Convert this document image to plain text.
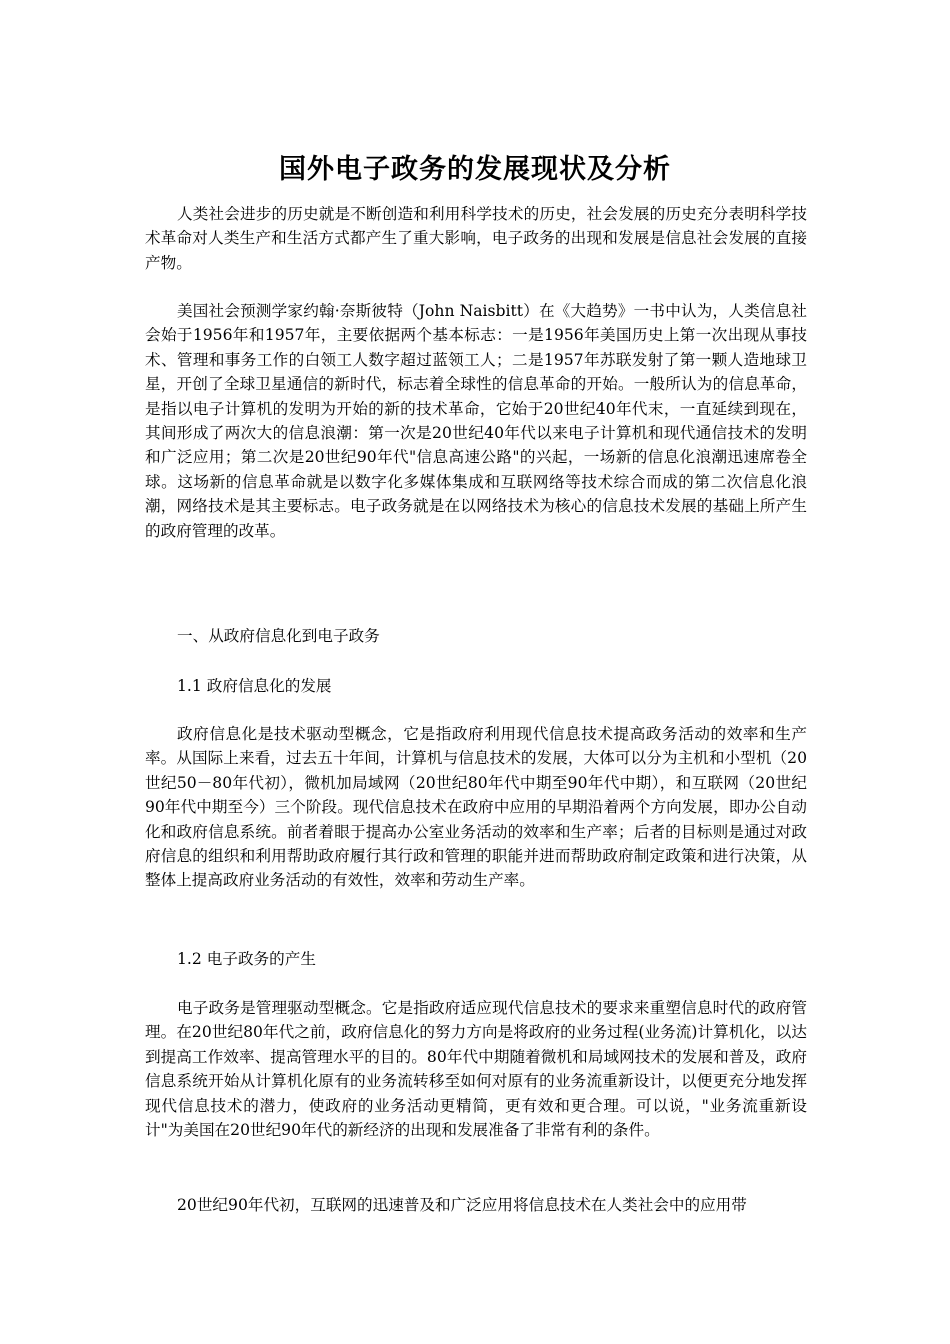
国外电子政务的发展现状及分析

人类社会进步的历史就是不断创造和利用科学技术的历史，社会发展的历史充分表明科学技术革命对人类生产和生活方式都产生了重大影响，电子政务的出现和发展是信息社会发展的直接产物。

美国社会预测学家约翰·奈斯彼特（John Naisbitt）在《大趋势》一书中认为，人类信息社会始于1956年和1957年，主要依据两个基本标志：一是1956年美国历史上第一次出现从事技术、管理和事务工作的白领工人数字超过蓝领工人；二是1957年苏联发射了第一颗人造地球卫星，开创了全球卫星通信的新时代，标志着全球性的信息革命的开始。一般所认为的信息革命，是指以电子计算机的发明为开始的新的技术革命，它始于20世纪40年代末，一直延续到现在，其间形成了两次大的信息浪潮：第一次是20世纪40年代以来电子计算机和现代通信技术的发明和广泛应用；第二次是20世纪90年代"信息高速公路"的兴起，一场新的信息化浪潮迅速席卷全球。这场新的信息革命就是以数字化多媒体集成和互联网络等技术综合而成的第二次信息化浪潮，网络技术是其主要标志。电子政务就是在以网络技术为核心的信息技术发展的基础上所产生的政府管理的改革。

一、从政府信息化到电子政务

1.1 政府信息化的发展

政府信息化是技术驱动型概念，它是指政府利用现代信息技术提高政务活动的效率和生产率。从国际上来看，过去五十年间，计算机与信息技术的发展，大体可以分为主机和小型机（20世纪50－80年代初），微机加局域网（20世纪80年代中期至90年代中期），和互联网（20世纪90年代中期至今）三个阶段。现代信息技术在政府中应用的早期沿着两个方向发展，即办公自动化和政府信息系统。前者着眼于提高办公室业务活动的效率和生产率；后者的目标则是通过对政府信息的组织和利用帮助政府履行其行政和管理的职能并进而帮助政府制定政策和进行决策，从整体上提高政府业务活动的有效性，效率和劳动生产率。

1.2 电子政务的产生

电子政务是管理驱动型概念。它是指政府适应现代信息技术的要求来重塑信息时代的政府管理。在20世纪80年代之前，政府信息化的努力方向是将政府的业务过程(业务流)计算机化，以达到提高工作效率、提高管理水平的目的。80年代中期随着微机和局域网技术的发展和普及，政府信息系统开始从计算机化原有的业务流转移至如何对原有的业务流重新设计，以便更充分地发挥现代信息技术的潜力，使政府的业务活动更精简，更有效和更合理。可以说，"业务流重新设计"为美国在20世纪90年代的新经济的出现和发展准备了非常有利的条件。

20世纪90年代初，互联网的迅速普及和广泛应用将信息技术在人类社会中的应用带
